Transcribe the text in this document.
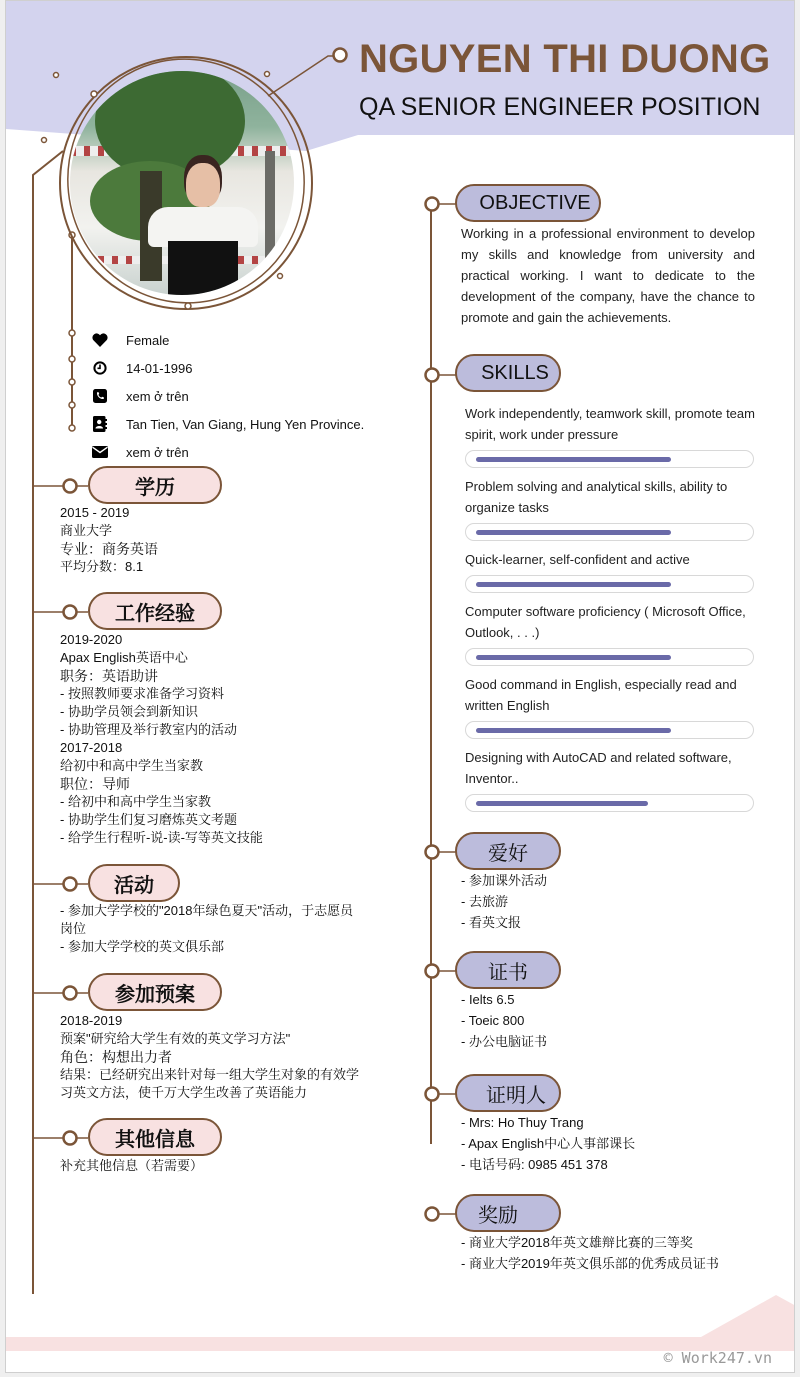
NGUYEN THI DUONG
QA SENIOR ENGINEER POSITION
Female
14-01-1996
xem ở trên
Tan Tien, Van Giang, Hung Yen Province.
xem ở trên
学历
2015 - 2019
商业大学
专业：商务英语
平均分数：8.1
工作经验
2019-2020
Apax English英语中心
职务：英语助讲
- 按照教师要求准备学习资料
- 协助学员领会到新知识
- 协助管理及举行教室内的活动
2017-2018
给初中和高中学生当家教
职位：导师
- 给初中和高中学生当家教
- 协助学生们复习磨炼英文考题
- 给学生行程听-说-读-写等英文技能
活动
- 参加大学学校的"2018年绿色夏天"活动，于志愿员
岗位
- 参加大学学校的英文俱乐部
参加预案
2018-2019
预案"研究给大学生有效的英文学习方法"
角色：构想出力者
结果：已经研究出来针对每一组大学生对象的有效学
习英文方法，使千万大学生改善了英语能力
其他信息
补充其他信息（若需要）
OBJECTIVE
Working in a professional environment to develop my skills and knowledge from university and practical working. I want to dedicate to the development of the company, have the chance to promote and gain the achievements.
SKILLS
Work independently, teamwork skill, promote team spirit, work under pressure
Problem solving and analytical skills, ability to organize tasks
Quick-learner, self-confident and active
Computer software proficiency ( Microsoft Office, Outlook, . . .)
Good command in English, especially read and written English
Designing with AutoCAD and related software, Inventor..
爱好
- 参加课外活动
- 去旅游
- 看英文报
证书
- Ielts 6.5
- Toeic 800
- 办公电脑证书
证明人
- Mrs: Ho Thuy Trang
- Apax English中心人事部课长
- 电话号码: 0985 451 378
奖励
- 商业大学2018年英文雄辩比赛的三等奖
- 商业大学2019年英文俱乐部的优秀成员证书
© Work247.vn
